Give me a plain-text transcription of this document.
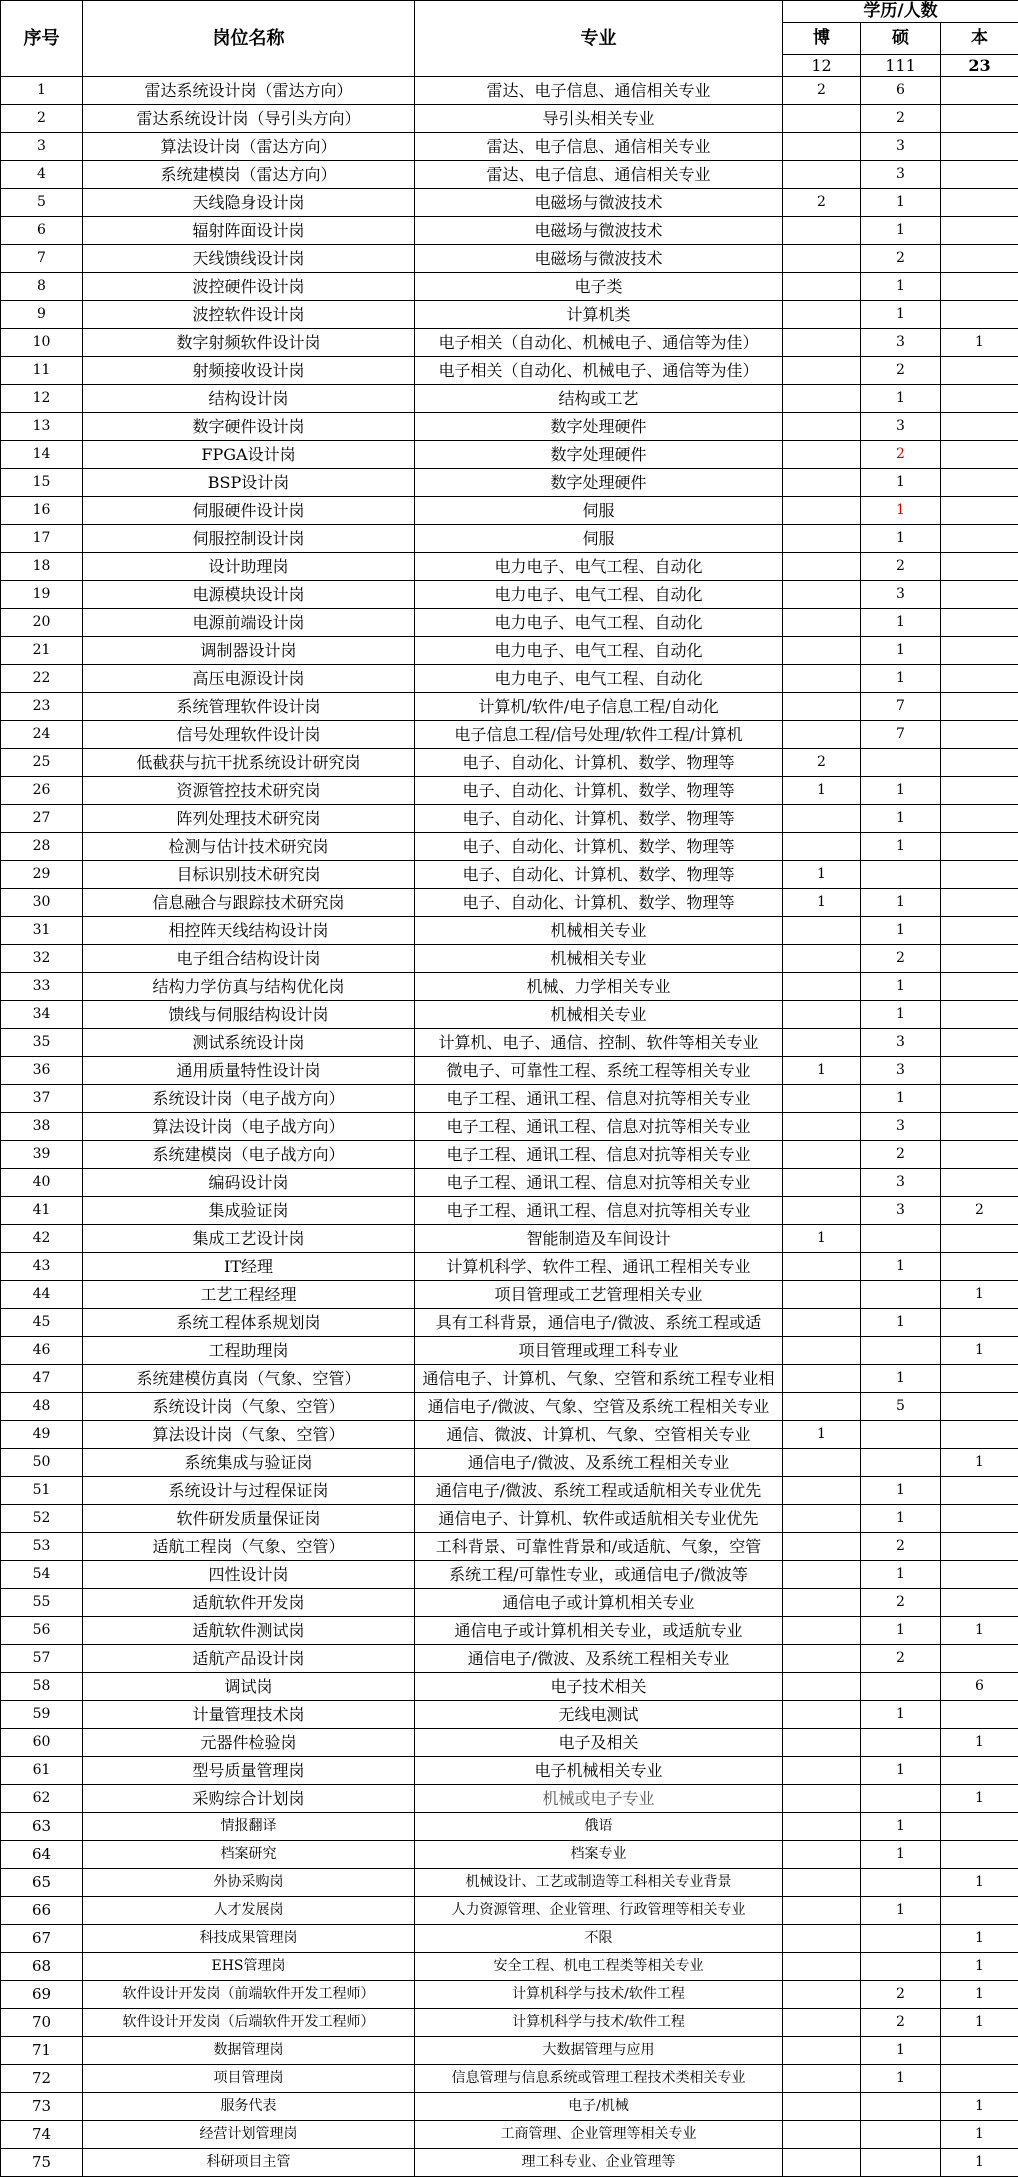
序号	岗位名称	专业	学历/人数		
			博	硕	本
			12	111	23
1	雷达系统设计岗（雷达方向）	雷达、电子信息、通信相关专业	2	6	
2	雷达系统设计岗（导引头方向）	导引头相关专业		2	
3	算法设计岗（雷达方向）	雷达、电子信息、通信相关专业		3	
4	系统建模岗（雷达方向）	雷达、电子信息、通信相关专业		3	
5	天线隐身设计岗	电磁场与微波技术	2	1	
6	辐射阵面设计岗	电磁场与微波技术		1	
7	天线馈线设计岗	电磁场与微波技术		2	
8	波控硬件设计岗	电子类		1	
9	波控软件设计岗	计算机类		1	
10	数字射频软件设计岗	电子相关（自动化、机械电子、通信等为佳）		3	1
11	射频接收设计岗	电子相关（自动化、机械电子、通信等为佳）		2	
12	结构设计岗	结构或工艺		1	
13	数字硬件设计岗	数字处理硬件		3	
14	FPGA设计岗	数字处理硬件		2	
15	BSP设计岗	数字处理硬件		1	
16	伺服硬件设计岗	伺服		1	
17	伺服控制设计岗	伺服		1	
18	设计助理岗	电力电子、电气工程、自动化		2	
19	电源模块设计岗	电力电子、电气工程、自动化		3	
20	电源前端设计岗	电力电子、电气工程、自动化		1	
21	调制器设计岗	电力电子、电气工程、自动化		1	
22	高压电源设计岗	电力电子、电气工程、自动化		1	
23	系统管理软件设计岗	计算机/软件/电子信息工程/自动化		7	
24	信号处理软件设计岗	电子信息工程/信号处理/软件工程/计算机		7	
25	低截获与抗干扰系统设计研究岗	电子、自动化、计算机、数学、物理等	2		
26	资源管控技术研究岗	电子、自动化、计算机、数学、物理等	1	1	
27	阵列处理技术研究岗	电子、自动化、计算机、数学、物理等		1	
28	检测与估计技术研究岗	电子、自动化、计算机、数学、物理等		1	
29	目标识别技术研究岗	电子、自动化、计算机、数学、物理等	1		
30	信息融合与跟踪技术研究岗	电子、自动化、计算机、数学、物理等	1	1	
31	相控阵天线结构设计岗	机械相关专业		1	
32	电子组合结构设计岗	机械相关专业		2	
33	结构力学仿真与结构优化岗	机械、力学相关专业		1	
34	馈线与伺服结构设计岗	机械相关专业		1	
35	测试系统设计岗	计算机、电子、通信、控制、软件等相关专业		3	
36	通用质量特性设计岗	微电子、可靠性工程、系统工程等相关专业	1	3	
37	系统设计岗（电子战方向）	电子工程、通讯工程、信息对抗等相关专业		1	
38	算法设计岗（电子战方向）	电子工程、通讯工程、信息对抗等相关专业		3	
39	系统建模岗（电子战方向）	电子工程、通讯工程、信息对抗等相关专业		2	
40	编码设计岗	电子工程、通讯工程、信息对抗等相关专业		3	
41	集成验证岗	电子工程、通讯工程、信息对抗等相关专业		3	2
42	集成工艺设计岗	智能制造及车间设计	1		
43	IT经理	计算机科学、软件工程、通讯工程相关专业		1	
44	工艺工程经理	项目管理或工艺管理相关专业			1
45	系统工程体系规划岗	具有工科背景，通信电子/微波、系统工程或适		1	
46	工程助理岗	项目管理或理工科专业			1
47	系统建模仿真岗（气象、空管）	通信电子、计算机、气象、空管和系统工程专业相		1	
48	系统设计岗（气象、空管）	通信电子/微波、气象、空管及系统工程相关专业		5	
49	算法设计岗（气象、空管）	通信、微波、计算机、气象、空管相关专业	1		
50	系统集成与验证岗	通信电子/微波、及系统工程相关专业			1
51	系统设计与过程保证岗	通信电子/微波、系统工程或适航相关专业优先		1	
52	软件研发质量保证岗	通信电子、计算机、软件或适航相关专业优先		1	
53	适航工程岗（气象、空管）	工科背景、可靠性背景和/或适航、气象，空管		2	
54	四性设计岗	系统工程/可靠性专业，或通信电子/微波等		1	
55	适航软件开发岗	通信电子或计算机相关专业		2	
56	适航软件测试岗	通信电子或计算机相关专业，或适航专业		1	1
57	适航产品设计岗	通信电子/微波、及系统工程相关专业		2	
58	调试岗	电子技术相关			6
59	计量管理技术岗	无线电测试		1	
60	元器件检验岗	电子及相关			1
61	型号质量管理岗	电子机械相关专业		1	
62	采购综合计划岗	机械或电子专业			1
63	情报翻译	俄语		1	
64	档案研究	档案专业		1	
65	外协采购岗	机械设计、工艺或制造等工科相关专业背景			1
66	人才发展岗	人力资源管理、企业管理、行政管理等相关专业		1	
67	科技成果管理岗	不限			1
68	EHS管理岗	安全工程、机电工程类等相关专业			1
69	软件设计开发岗（前端软件开发工程师）	计算机科学与技术/软件工程		2	1
70	软件设计开发岗（后端软件开发工程师）	计算机科学与技术/软件工程		2	1
71	数据管理岗	大数据管理与应用		1	
72	项目管理岗	信息管理与信息系统或管理工程技术类相关专业		1	
73	服务代表	电子/机械			1
74	经营计划管理岗	工商管理、企业管理等相关专业			1
75	科研项目主管	理工科专业、企业管理等			1
